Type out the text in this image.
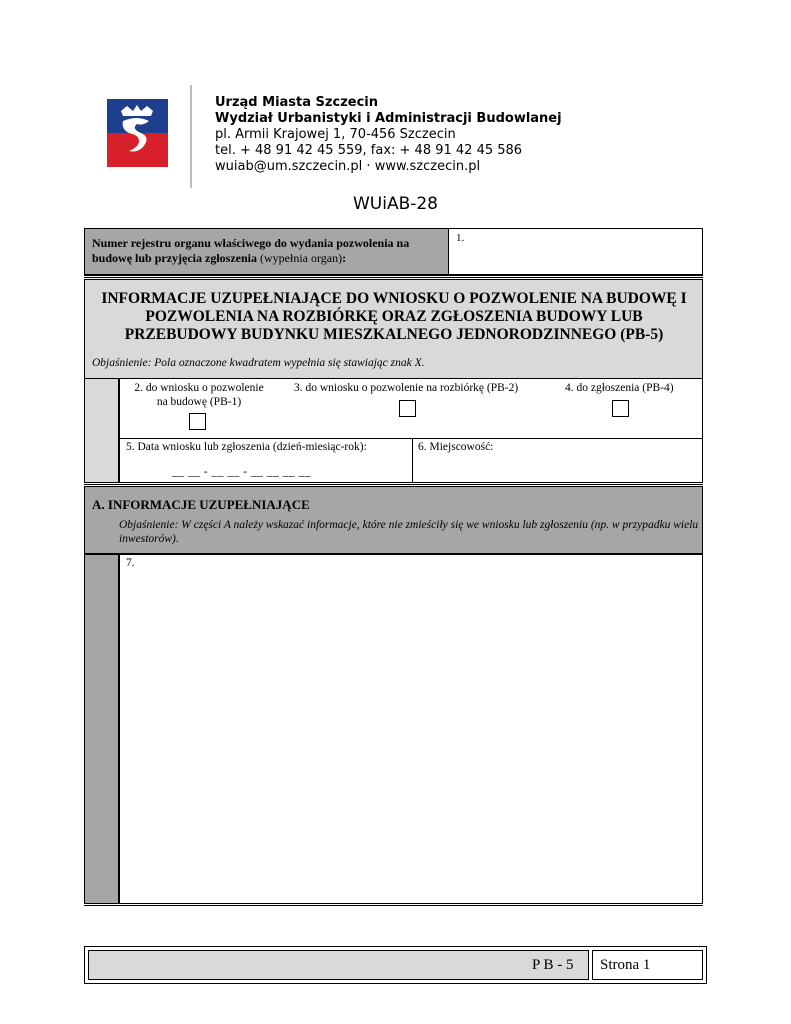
Urząd Miasta Szczecin
Wydział Urbanistyki i Administracji Budowlanej
pl. Armii Krajowej 1, 70-456 Szczecin
tel. + 48 91 42 45 559, fax: + 48 91 42 45 586
wuiab@um.szczecin.pl · www.szczecin.pl
WUiAB-28
Numer rejestru organu właściwego do wydania pozwolenia na budowę lub przyjęcia zgłoszenia (wypełnia organ):
1.
INFORMACJE UZUPEŁNIAJĄCE DO WNIOSKU O POZWOLENIE NA BUDOWĘ I POZWOLENIA NA ROZBIÓRKĘ ORAZ ZGŁOSZENIA BUDOWY LUB PRZEBUDOWY BUDYNKU MIESZKALNEGO JEDNORODZINNEGO (PB-5)
Objaśnienie: Pola oznaczone kwadratem wypełnia się stawiając znak X.
2. do wniosku o pozwolenie
na budowę (PB-1)
3. do wniosku o pozwolenie na rozbiórkę (PB-2)	4. do zgłoszenia (PB-4)
5. Data wniosku lub zgłoszenia (dzień-miesiąc-rok):
__ __ - __ __ - __ __ __ __
6. Miejscowość:
A. INFORMACJE UZUPEŁNIAJĄCE
Objaśnienie: W części A należy wskazać informacje, które nie zmieściły się we wniosku lub zgłoszeniu (np. w przypadku wielu inwestorów).
7.
P B - 5 Strona 1
